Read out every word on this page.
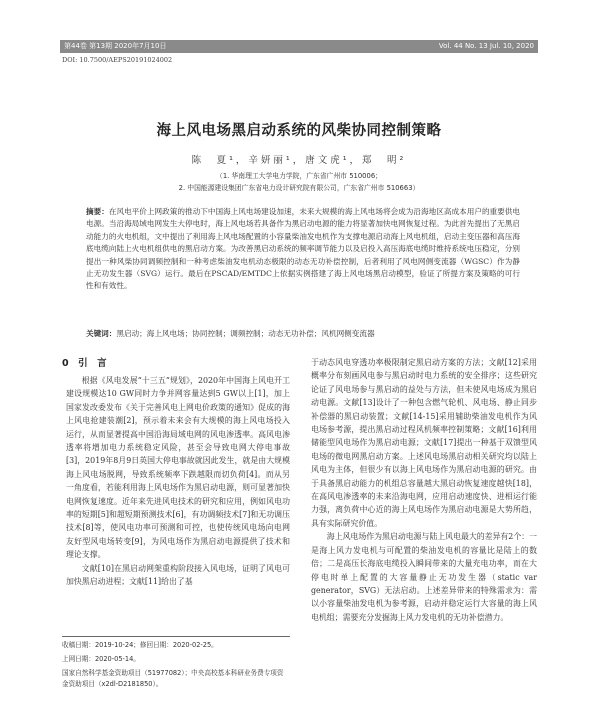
第44卷 第13期 2020年7月10日	Vol. 44 No. 13 Jul. 10, 2020
DOI: 10.7500/AEPS20191024002
海上风电场黑启动系统的风柴协同控制策略
陈　夏¹，辛妍丽¹，唐文虎¹，郑　明²
（1. 华南理工大学电力学院，广东省广州市 510006；
2. 中国能源建设集团广东省电力设计研究院有限公司，广东省广州市 510663）
摘要：在风电平价上网政策的推动下中国海上风电场建设加速，未来大规模的海上风电场将会成为沿海地区高成本用户的重要供电电源。当沿海局域电网发生大停电时，海上风电场若具备作为黑启动电源的能力将显著加快电网恢复过程。为此首先提出了无黑启动能力的火电机组，文中提出了利用海上风电场配置的小容量柴油发电机作为支撑电源启动海上风电机组，启动主变压器和高压海底电缆向陆上火电机组供电的黑启动方案。为改善黑启动系统的频率调节能力以及启投入高压海底电缆时维持系统电压稳定，分别提出一种风柴协同调频控制和一种考虑柴油发电机动态极限的动态无功补偿控制，后者利用了风电网侧变流器（WGSC）作为静止无功发生器（SVG）运行。最后在PSCAD/EMTDC上依据实例搭建了海上风电场黑启动模型，验证了所提方案及策略的可行性和有效性。
关键词：黑启动；海上风电场；协同控制；调频控制；动态无功补偿；风机网侧变流器
0　引　言

根据《风电发展“十三五”规划》，2020年中国海上风电开工建设规模达10 GW同时力争并网容量达到5 GW以上[1]，加上国家发改委发布《关于完善风电上网电价政策的通知》促成的海上风电抢建装潮[2]，预示着未来会有大规模的海上风电场投入运行，从而显著提高中国沿海局域电网的风电渗透率。高风电渗透率将增加电力系统稳定风险，甚至会导致电网大停电事故[3]，2019年8月9日英国大停电事故就因此发生，就是由大规模海上风电场脱网，导致系统频率下跌越限而切负荷[4]。而从另一角度看，若能利用海上风电场作为黑启动电源，则可显著加快电网恢复速度。近年来先进风电技术的研究和应用，例如风电功率的短期[5]和超短期预测技术[6]，有功调频技术[7]和无功调压技术[8]等，使风电功率可预测和可控，也使传统风电场向电网友好型风电场转变[9]，为风电场作为黑启动电源提供了技术和理论支撑。

文献[10]在黑启动网架重构阶段接入风电场，证明了风电可加快黑启动进程；文献[11]给出了基

于动态风电穿透功率极限制定黑启动方案的方法；文献[12]采用概率分布刻画风电参与黑启动时电力系统的安全排序；这些研究论证了风电场参与黑启动的益处与方法，但未使风电场成为黑启动电源。文献[13]设计了一种包含燃气轮机、风电场、静止同步补偿器的黑启动装置；文献[14-15]采用辅助柴油发电机作为风电场参考源，提出黑启动过程风机频率控制策略；文献[16]利用储能型风电场作为黑启动电源；文献[17]提出一种基于双馈型风电场的微电网黑启动方案。上述风电场黑启动相关研究均以陆上风电为主体，但很少有以海上风电场作为黑启动电源的研究。由于具备黑启动能力的机组总容量越大黑启动恢复速度越快[18]，在高风电渗透率的未来沿海电网，应用启动速度快、进相运行能力强，离负荷中心近的海上风电场作为黑启动电源是大势所趋，具有实际研究价值。

海上风电场作为黑启动电源与陆上风电最大的差异有2个：一是海上风力发电机与可配置的柴油发电机的容量比是陆上的数倍；二是高压长海底电缆投入瞬间带来的大量充电功率，而在大停电时单上配置的大容量静止无功发生器（static var generator，SVG）无法启动。上述差异带来的特殊需求为：需以小容量柴油发电机为参考源，启动并稳定运行大容量的海上风电机组；需要充分发掘海上风力发电机的无功补偿潜力。

收稿日期：2019-10-24；修回日期：2020-02-25。
上网日期：2020-05-14。
国家自然科学基金资助项目（51977082）；中央高校基本科研业务费专项资金资助项目（x2dl-D2181850）。
